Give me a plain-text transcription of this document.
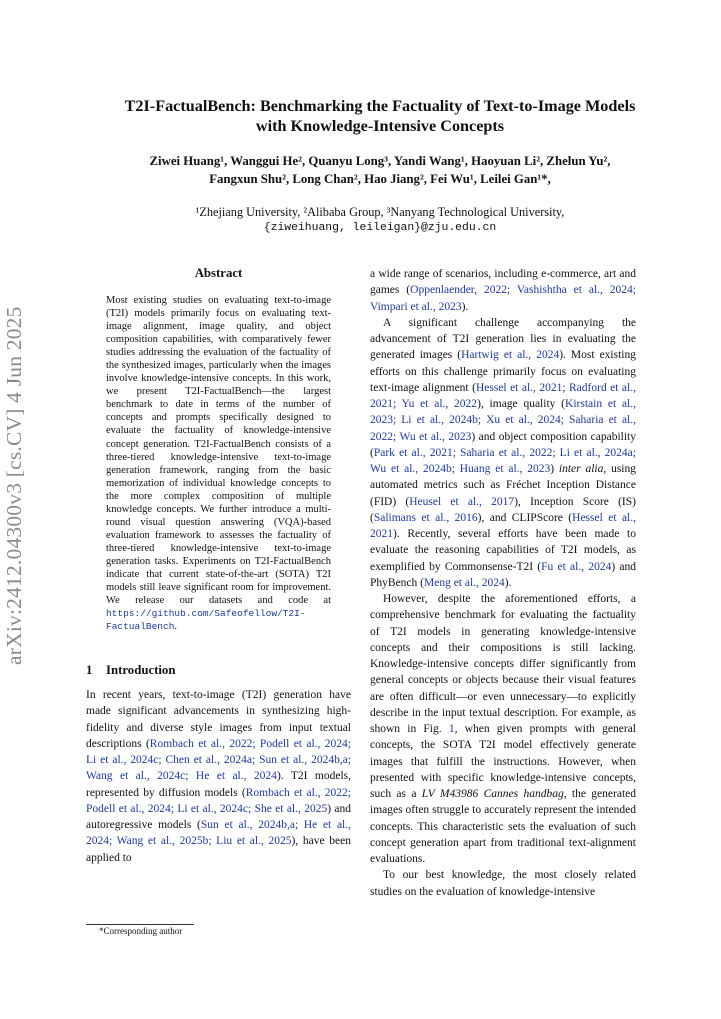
arXiv:2412.04300v3 [cs.CV] 4 Jun 2025
T2I-FactualBench: Benchmarking the Factuality of Text-to-Image Models
with Knowledge-Intensive Concepts
Ziwei Huang¹, Wanggui He², Quanyu Long³, Yandi Wang¹, Haoyuan Li², Zhelun Yu²,
Fangxun Shu², Long Chan², Hao Jiang², Fei Wu¹, Leilei Gan¹*,
¹Zhejiang University, ²Alibaba Group, ³Nanyang Technological University,
{ziweihuang, leileigan}@zju.edu.cn
Abstract

Most existing studies on evaluating text-to-image (T2I) models primarily focus on evaluating text-image alignment, image quality, and object composition capabilities, with comparatively fewer studies addressing the evaluation of the factuality of the synthesized images, particularly when the images involve knowledge-intensive concepts. In this work, we present T2I-FactualBench—the largest benchmark to date in terms of the number of concepts and prompts specifically designed to evaluate the factuality of knowledge-intensive concept generation. T2I-FactualBench consists of a three-tiered knowledge-intensive text-to-image generation framework, ranging from the basic memorization of individual knowledge concepts to the more complex composition of multiple knowledge concepts. We further introduce a multi-round visual question answering (VQA)-based evaluation framework to assesses the factuality of three-tiered knowledge-intensive text-to-image generation tasks. Experiments on T2I-FactualBench indicate that current state-of-the-art (SOTA) T2I models still leave significant room for improvement. We release our datasets and code at https://github.com/Safeofellow/T2I-FactualBench.

1 Introduction

In recent years, text-to-image (T2I) generation have made significant advancements in synthesizing high-fidelity and diverse style images from input textual descriptions (Rombach et al., 2022; Podell et al., 2024; Li et al., 2024c; Chen et al., 2024a; Sun et al., 2024b,a; Wang et al., 2024c; He et al., 2024). T2I models, represented by diffusion models (Rombach et al., 2022; Podell et al., 2024; Li et al., 2024c; She et al., 2025) and autoregressive models (Sun et al., 2024b,a; He et al., 2024; Wang et al., 2025b; Liu et al., 2025), have been applied to

a wide range of scenarios, including e-commerce, art and games (Oppenlaender, 2022; Vashishtha et al., 2024; Vimpari et al., 2023).

A significant challenge accompanying the advancement of T2I generation lies in evaluating the generated images (Hartwig et al., 2024). Most existing efforts on this challenge primarily focus on evaluating text-image alignment (Hessel et al., 2021; Radford et al., 2021; Yu et al., 2022), image quality (Kirstain et al., 2023; Li et al., 2024b; Xu et al., 2024; Saharia et al., 2022; Wu et al., 2023) and object composition capability (Park et al., 2021; Saharia et al., 2022; Li et al., 2024a; Wu et al., 2024b; Huang et al., 2023) inter alia, using automated metrics such as Fréchet Inception Distance (FID) (Heusel et al., 2017), Inception Score (IS) (Salimans et al., 2016), and CLIPScore (Hessel et al., 2021). Recently, several efforts have been made to evaluate the reasoning capabilities of T2I models, as exemplified by Commonsense-T2I (Fu et al., 2024) and PhyBench (Meng et al., 2024).

However, despite the aforementioned efforts, a comprehensive benchmark for evaluating the factuality of T2I models in generating knowledge-intensive concepts and their compositions is still lacking. Knowledge-intensive concepts differ significantly from general concepts or objects because their visual features are often difficult—or even unnecessary—to explicitly describe in the input textual description. For example, as shown in Fig. 1, when given prompts with general concepts, the SOTA T2I model effectively generate images that fulfill the instructions. However, when presented with specific knowledge-intensive concepts, such as a LV M43986 Cannes handbag, the generated images often struggle to accurately represent the intended concepts. This characteristic sets the evaluation of such concept generation apart from traditional text-alignment evaluations.

To our best knowledge, the most closely related studies on the evaluation of knowledge-intensive

*Corresponding author
